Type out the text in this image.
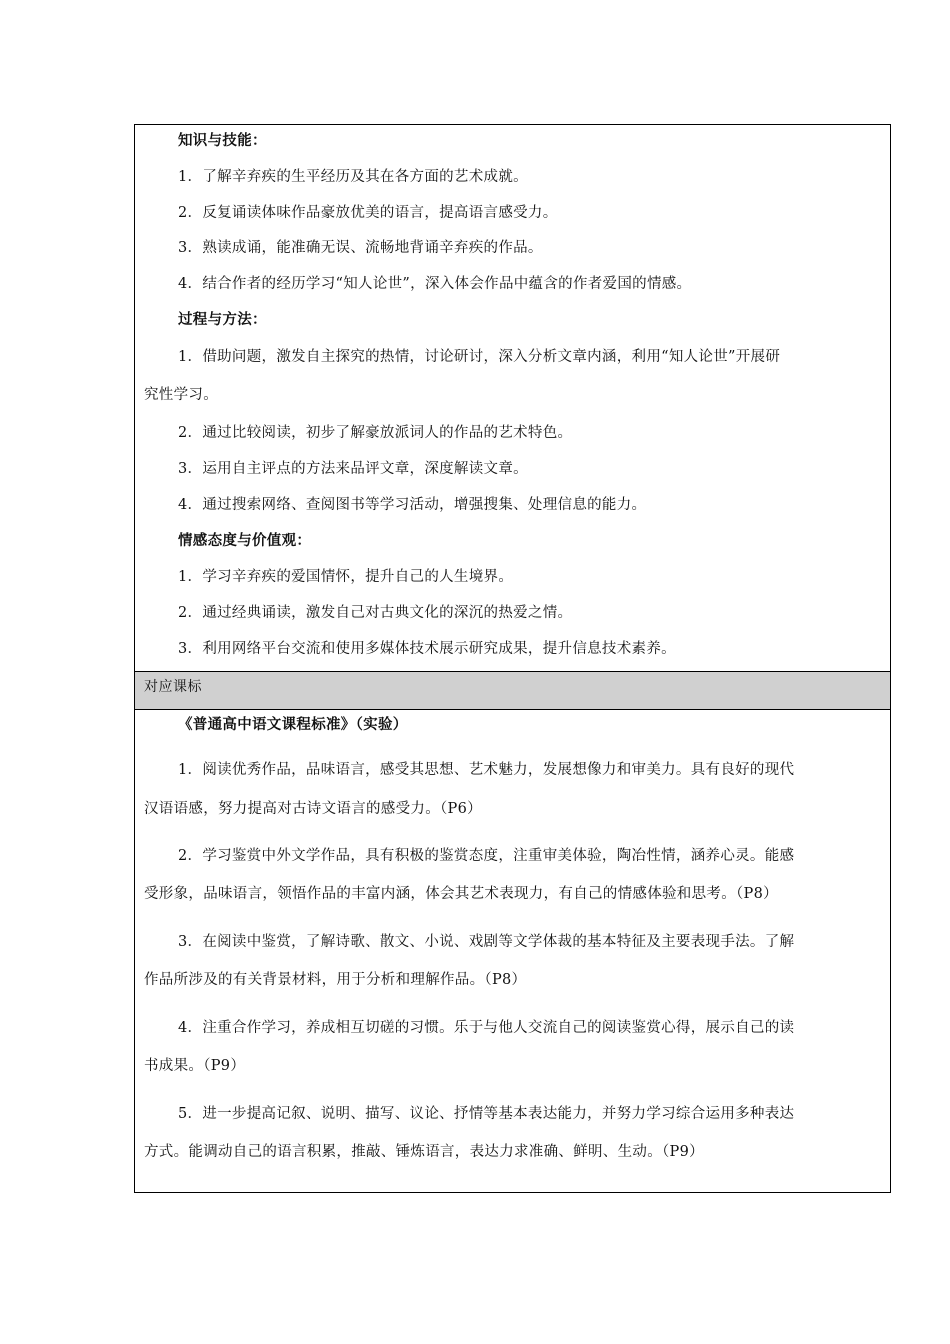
知识与技能：
1．了解辛弃疾的生平经历及其在各方面的艺术成就。
2．反复诵读体味作品豪放优美的语言，提高语言感受力。
3．熟读成诵，能准确无误、流畅地背诵辛弃疾的作品。
4．结合作者的经历学习“知人论世”，深入体会作品中蕴含的作者爱国的情感。
过程与方法：
1．借助问题，激发自主探究的热情，讨论研讨，深入分析文章内涵，利用“知人论世”开展研
究性学习。
2．通过比较阅读，初步了解豪放派词人的作品的艺术特色。
3．运用自主评点的方法来品评文章，深度解读文章。
4．通过搜索网络、查阅图书等学习活动，增强搜集、处理信息的能力。
情感态度与价值观：
1．学习辛弃疾的爱国情怀，提升自己的人生境界。
2．通过经典诵读，激发自己对古典文化的深沉的热爱之情。
3．利用网络平台交流和使用多媒体技术展示研究成果，提升信息技术素养。
对应课标
《普通高中语文课程标准》（实验）
1．阅读优秀作品，品味语言，感受其思想、艺术魅力，发展想像力和审美力。具有良好的现代
汉语语感，努力提高对古诗文语言的感受力。（P6）
2．学习鉴赏中外文学作品，具有积极的鉴赏态度，注重审美体验，陶冶性情，涵养心灵。能感
受形象，品味语言，领悟作品的丰富内涵，体会其艺术表现力，有自己的情感体验和思考。（P8）
3．在阅读中鉴赏，了解诗歌、散文、小说、戏剧等文学体裁的基本特征及主要表现手法。了解
作品所涉及的有关背景材料，用于分析和理解作品。（P8）
4．注重合作学习，养成相互切磋的习惯。乐于与他人交流自己的阅读鉴赏心得，展示自己的读
书成果。（P9）
5．进一步提高记叙、说明、描写、议论、抒情等基本表达能力，并努力学习综合运用多种表达
方式。能调动自己的语言积累，推敲、锤炼语言，表达力求准确、鲜明、生动。（P9）
